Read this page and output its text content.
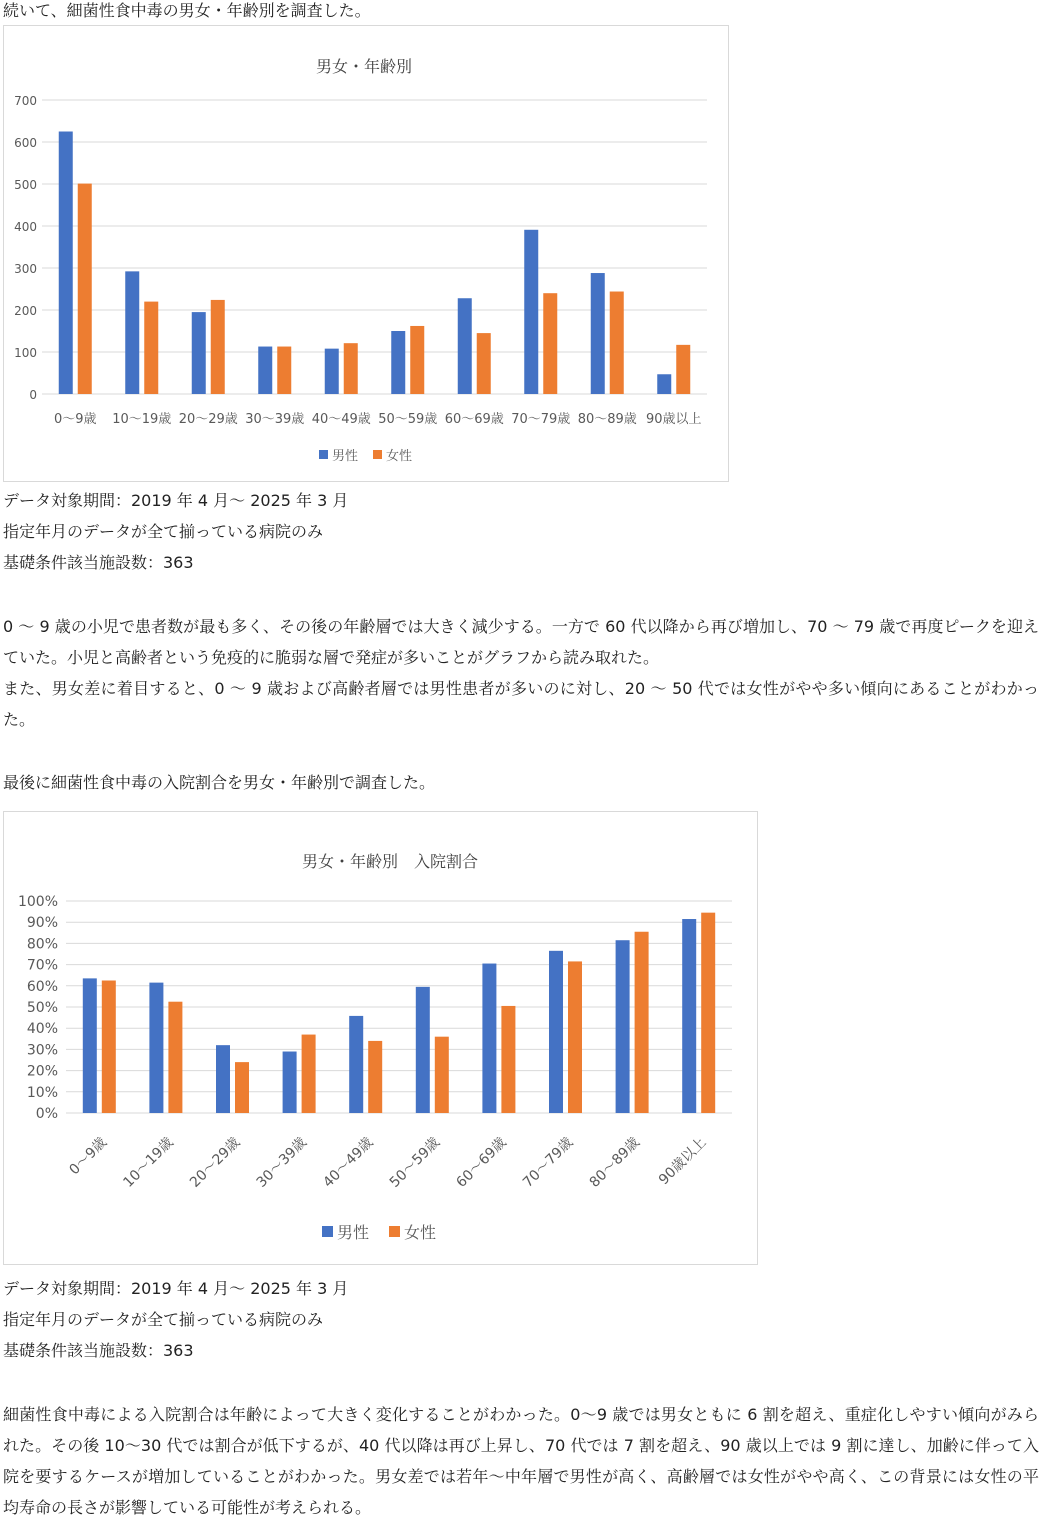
続いて、細菌性食中毒の男女・年齢別を調査した。
男女・年齢別
0
100
200
300
400
500
600
700
0〜9歳 10〜19歳 20〜29歳 30〜39歳 40〜49歳 50〜59歳 60〜69歳 70〜79歳 80〜89歳 90歳以上
男性 女性
データ対象期間：2019 年 4 月〜 2025 年 3 月
指定年月のデータが全て揃っている病院のみ
基礎条件該当施設数：363
0 〜 9 歳の小児で患者数が最も多く、その後の年齢層では大きく減少する。一方で 60 代以降から再び増加し、70 〜 79 歳で再度ピークを迎えていた。小児と高齢者という免疫的に脆弱な層で発症が多いことがグラフから読み取れた。
また、男女差に着目すると、0 〜 9 歳および高齢者層では男性患者が多いのに対し、20 〜 50 代では女性がやや多い傾向にあることがわかった。
最後に細菌性食中毒の入院割合を男女・年齢別で調査した。
男女・年齢別　入院割合
0%
10%
20%
30%
40%
50%
60%
70%
80%
90%
100%
0〜9歳 10〜19歳 20〜29歳 30〜39歳 40〜49歳 50〜59歳 60〜69歳 70〜79歳 80〜89歳 90歳以上
男性 女性
データ対象期間：2019 年 4 月〜 2025 年 3 月
指定年月のデータが全て揃っている病院のみ
基礎条件該当施設数：363
細菌性食中毒による入院割合は年齢によって大きく変化することがわかった。0〜9 歳では男女ともに 6 割を超え、重症化しやすい傾向がみられた。その後 10〜30 代では割合が低下するが、40 代以降は再び上昇し、70 代では 7 割を超え、90 歳以上では 9 割に達し、加齢に伴って入院を要するケースが増加していることがわかった。男女差では若年〜中年層で男性が高く、高齢層では女性がやや高く、この背景には女性の平均寿命の長さが影響している可能性が考えられる。
